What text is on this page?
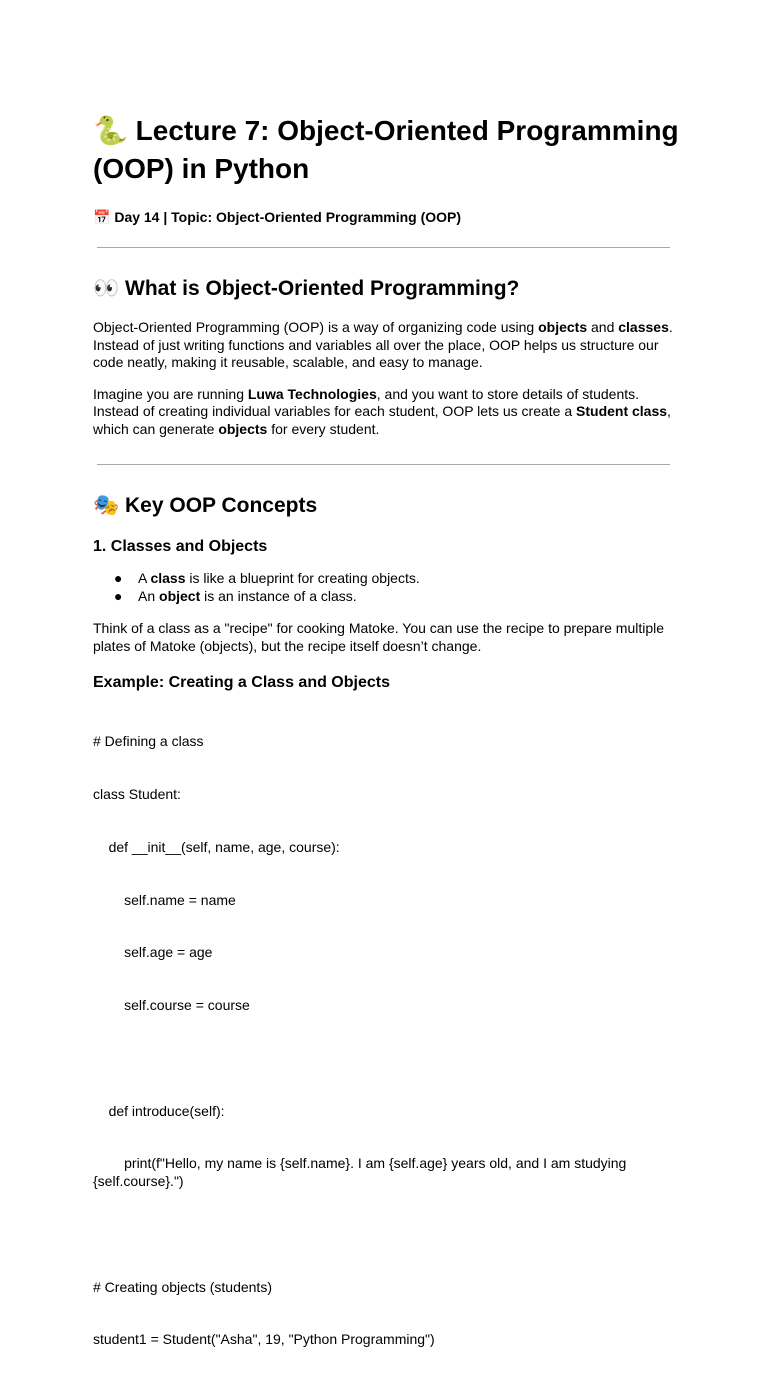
🐍 Lecture 7: Object-Oriented Programming (OOP) in Python
📅 Day 14 | Topic: Object-Oriented Programming (OOP)
👀 What is Object-Oriented Programming?

Object-Oriented Programming (OOP) is a way of organizing code using objects and classes. Instead of just writing functions and variables all over the place, OOP helps us structure our code neatly, making it reusable, scalable, and easy to manage.

Imagine you are running Luwa Technologies, and you want to store details of students. Instead of creating individual variables for each student, OOP lets us create a Student class, which can generate objects for every student.

🎭 Key OOP Concepts
1. Classes and Objects
● A class is like a blueprint for creating objects.
● An object is an instance of a class.

Think of a class as a "recipe" for cooking Matoke. You can use the recipe to prepare multiple plates of Matoke (objects), but the recipe itself doesn’t change.

Example: Creating a Class and Objects

# Defining a class

class Student:

def __init__(self, name, age, course):

self.name = name

self.age = age

self.course = course

def introduce(self):

print(f"Hello, my name is {self.name}. I am {self.age} years old, and I am studying {self.course}.")

# Creating objects (students)

student1 = Student("Asha", 19, "Python Programming")
